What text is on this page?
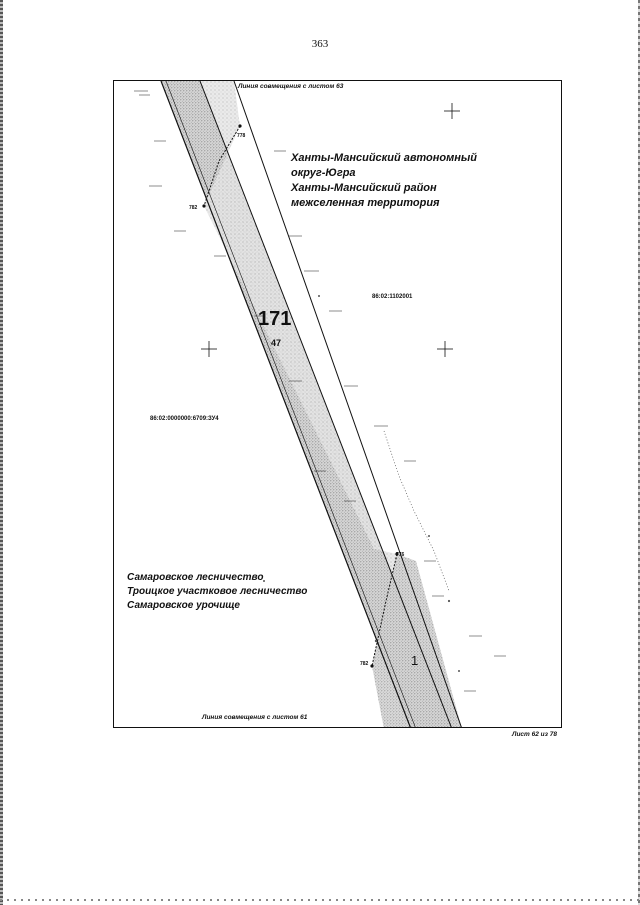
363
Линия совмещения с листом 63
Линия совмещения с листом 61
Ханты-Мансийский автономный
округ-Югра
Ханты-Мансийский район
межселенная территория
Самаровское лесничество
Троицкое участковое лесничество
Самаровское урочище
86:02:1102001
86:02:0000000:6709:ЗУ4
171
47
1
778
782
776
782
Лист 62 из 78
